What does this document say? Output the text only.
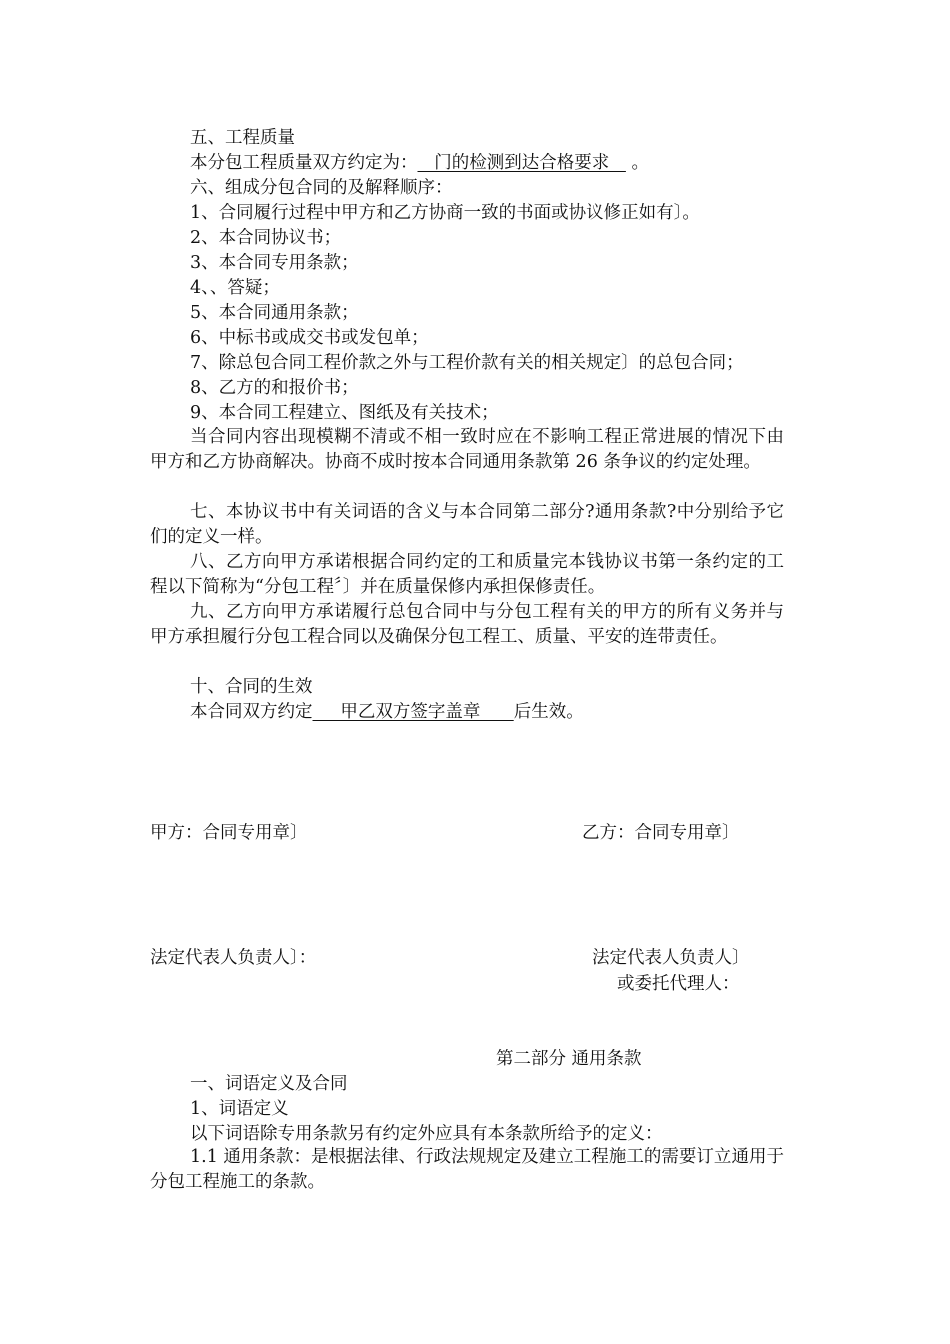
五、工程质量
本分包工程质量双方约定为：   门的检测到达合格要求    。
六、组成分包合同的及解释顺序：
1、合同履行过程中甲方和乙方协商一致的书面或协议修正如有〕。
2、本合同协议书；
3、本合同专用条款；
4、、答疑；
5、本合同通用条款；
6、中标书或成交书或发包单；
7、除总包合同工程价款之外与工程价款有关的相关规定〕的总包合同；
8、乙方的和报价书；
9、本合同工程建立、图纸及有关技术；
当合同内容出现模糊不清或不相一致时应在不影响工程正常进展的情况下由甲方和乙方协商解决。协商不成时按本合同通用条款第 26 条争议的约定处理。
七、本协议书中有关词语的含义与本合同第二部分?通用条款?中分别给予它们的定义一样。
八、乙方向甲方承诺根据合同约定的工和质量完本钱协议书第一条约定的工程以下简称为“分包工程〞〕并在质量保修内承担保修责任。
九、乙方向甲方承诺履行总包合同中与分包工程有关的甲方的所有义务并与甲方承担履行分包工程合同以及确保分包工程工、质量、平安的连带责任。
十、合同的生效
本合同双方约定     甲乙双方签字盖章      后生效。
甲方：合同专用章〕	乙方：合同专用章〕
法定代表人负责人〕：	法定代表人负责人〕
或委托代理人：
第二部分 通用条款
一、词语定义及合同
1、词语定义
以下词语除专用条款另有约定外应具有本条款所给予的定义：
1.1 通用条款：是根据法律、行政法规规定及建立工程施工的需要订立通用于分包工程施工的条款。
